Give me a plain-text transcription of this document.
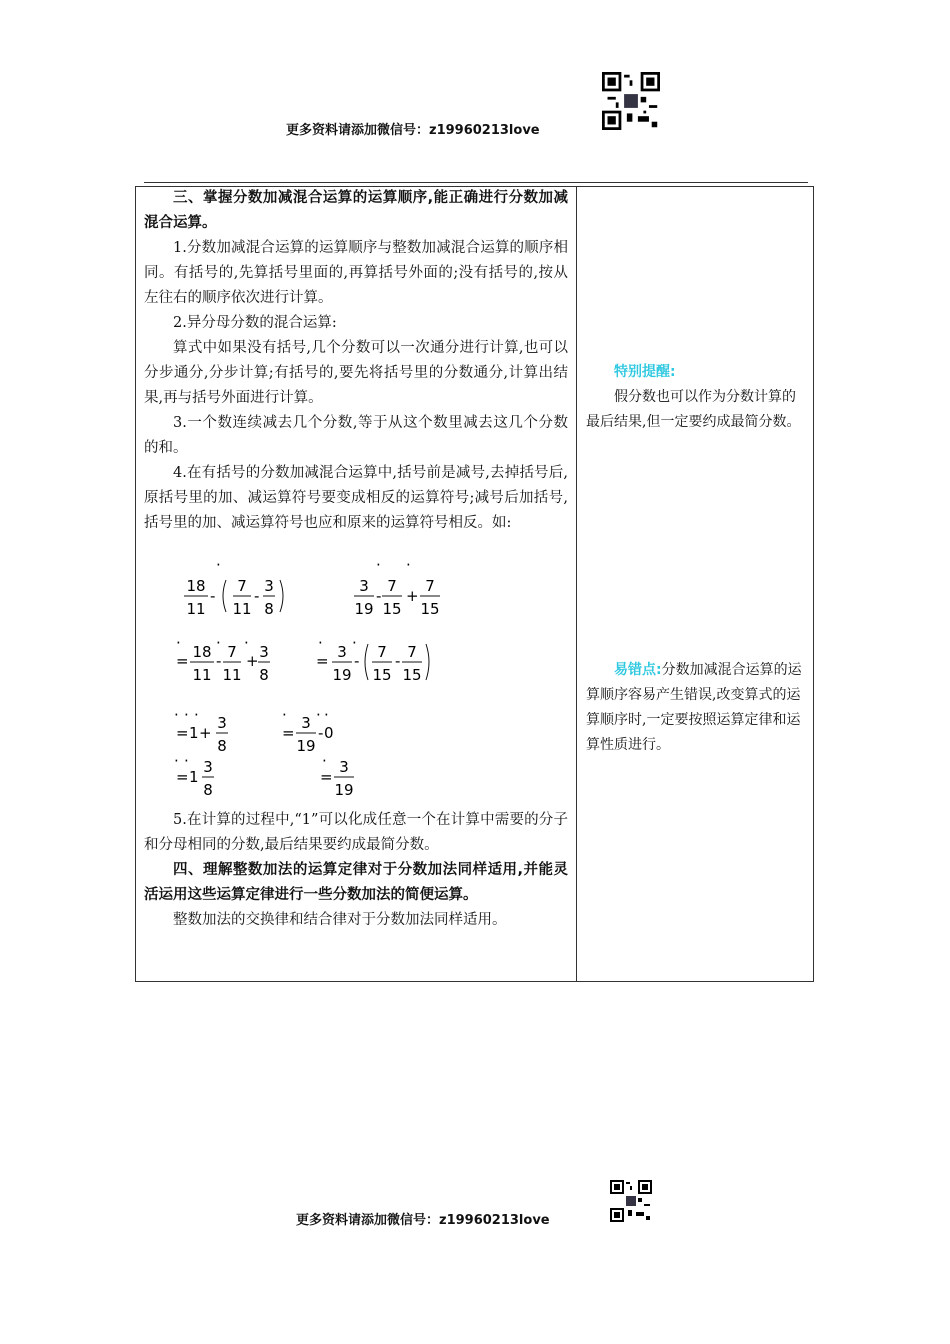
更多资料请添加微信号：z19960213love

三、掌握分数加减混合运算的运算顺序,能正确进行分数加减混合运算。

1.分数加减混合运算的运算顺序与整数加减混合运算的顺序相同。有括号的,先算括号里面的,再算括号外面的;没有括号的,按从左往右的顺序依次进行计算。

2.异分母分数的混合运算:

算式中如果没有括号,几个分数可以一次通分进行计算,也可以分步通分,分步计算;有括号的,要先将括号里的分数通分,计算出结果,再与括号外面进行计算。

3.一个数连续减去几个分数,等于从这个数里减去这几个分数的和。

4.在有括号的分数加减混合运算中,括号前是减号,去掉括号后,原括号里的加、减运算符号要变成相反的运算符号;减号后加括号,括号里的加、减运算符号也应和原来的运算符号相反。如:

18
11
-
·
7
11
-
3
8
3
19
·
-
7
15
·
+
7
15
·
= 18
11
·
- 7
11
·
+ 3
8
·
= 3
19
·
- 7
15
- 7
15
· · ·
= 1 +
3
8
·
=
3
19
· ·
- 0
· ·
= 1
3
8
·
=
3
19

5.在计算的过程中,“1”可以化成任意一个在计算中需要的分子和分母相同的分数,最后结果要约成最简分数。

四、理解整数加法的运算定律对于分数加法同样适用,并能灵活运用这些运算定律进行一些分数加法的简便运算。

整数加法的交换律和结合律对于分数加法同样适用。

特别提醒:

假分数也可以作为分数计算的最后结果,但一定要约成最简分数。

易错点:分数加减混合运算的运算顺序容易产生错误,改变算式的运算顺序时,一定要按照运算定律和运算性质进行。

更多资料请添加微信号：z19960213love
